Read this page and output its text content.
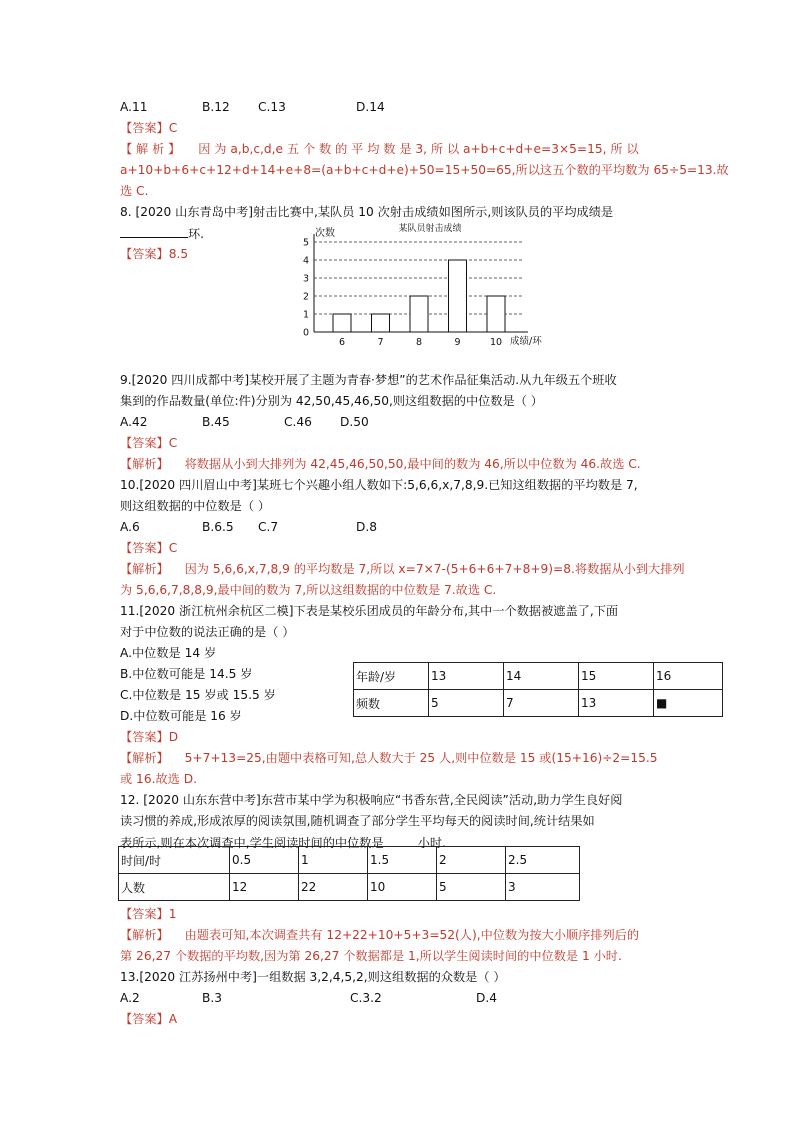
A.11	B.12 C.13	D.14
【答案】C
【 解 析 】 因 为 a,b,c,d,e 五 个 数 的 平 均 数 是 3, 所 以 a+b+c+d+e=3×5=15, 所 以
a+10+b+6+c+12+d+14+e+8=(a+b+c+d+e)+50=15+50=65,所以这五个数的平均数为 65÷5=13.故
选 C.
8. [2020 山东青岛中考]射击比赛中,某队员 10 次射击成绩如图所示,则该队员的平均成绩是
环.
【答案】8.5
次数	某队员射击成绩
成绩/环
0
1
2
3
4
5
6	7	8	9	10
9.[2020 四川成都中考]某校开展了主题为青春·梦想”的艺术作品征集活动.从九年级五个班收
集到的作品数量(单位:件)分别为 42,50,45,46,50,则这组数据的中位数是（ ）
A.42	B.45	C.46 D.50
【答案】C
【解析】 将数据从小到大排列为 42,45,46,50,50,最中间的数为 46,所以中位数为 46.故选 C.
10.[2020 四川眉山中考]某班七个兴趣小组人数如下:5,6,6,x,7,8,9.已知这组数据的平均数是 7,
则这组数据的中位数是（ ）
A.6	B.6.5 C.7	D.8
【答案】C
【解析】 因为 5,6,6,x,7,8,9 的平均数是 7,所以 x=7×7-(5+6+6+7+8+9)=8.将数据从小到大排列
为 5,6,6,7,8,8,9,最中间的数为 7,所以这组数据的中位数是 7.故选 C.
11.[2020 浙江杭州余杭区二模]下表是某校乐团成员的年龄分布,其中一个数据被遮盖了,下面
对于中位数的说法正确的是（ ）
A.中位数是 14 岁
B.中位数可能是 14.5 岁
C.中位数是 15 岁或 15.5 岁
D.中位数可能是 16 岁
年龄/岁	13	14	15	16
频数	5	7	13	■
【答案】D
【解析】 5+7+13=25,由题中表格可知,总人数大于 25 人,则中位数是 15 或(15+16)÷2=15.5
或 16.故选 D.
12. [2020 山东东营中考]东营市某中学为积极响应“书香东营,全民阅读”活动,助力学生良好阅
读习惯的养成,形成浓厚的阅读氛围,随机调查了部分学生平均每天的阅读时间,统计结果如
表所示,则在本次调查中,学生阅读时间的中位数是	小时.
时间/时	0.5	1	1.5	2	2.5
人数	12	22	10	5	3
【答案】1
【解析】 由题表可知,本次调查共有 12+22+10+5+3=52(人),中位数为按大小顺序排列后的
第 26,27 个数据的平均数,因为第 26,27 个数据都是 1,所以学生阅读时间的中位数是 1 小时.
13.[2020 江苏扬州中考]一组数据 3,2,4,5,2,则这组数据的众数是（ ）
A.2	B.3	C.3.2	D.4
【答案】A
